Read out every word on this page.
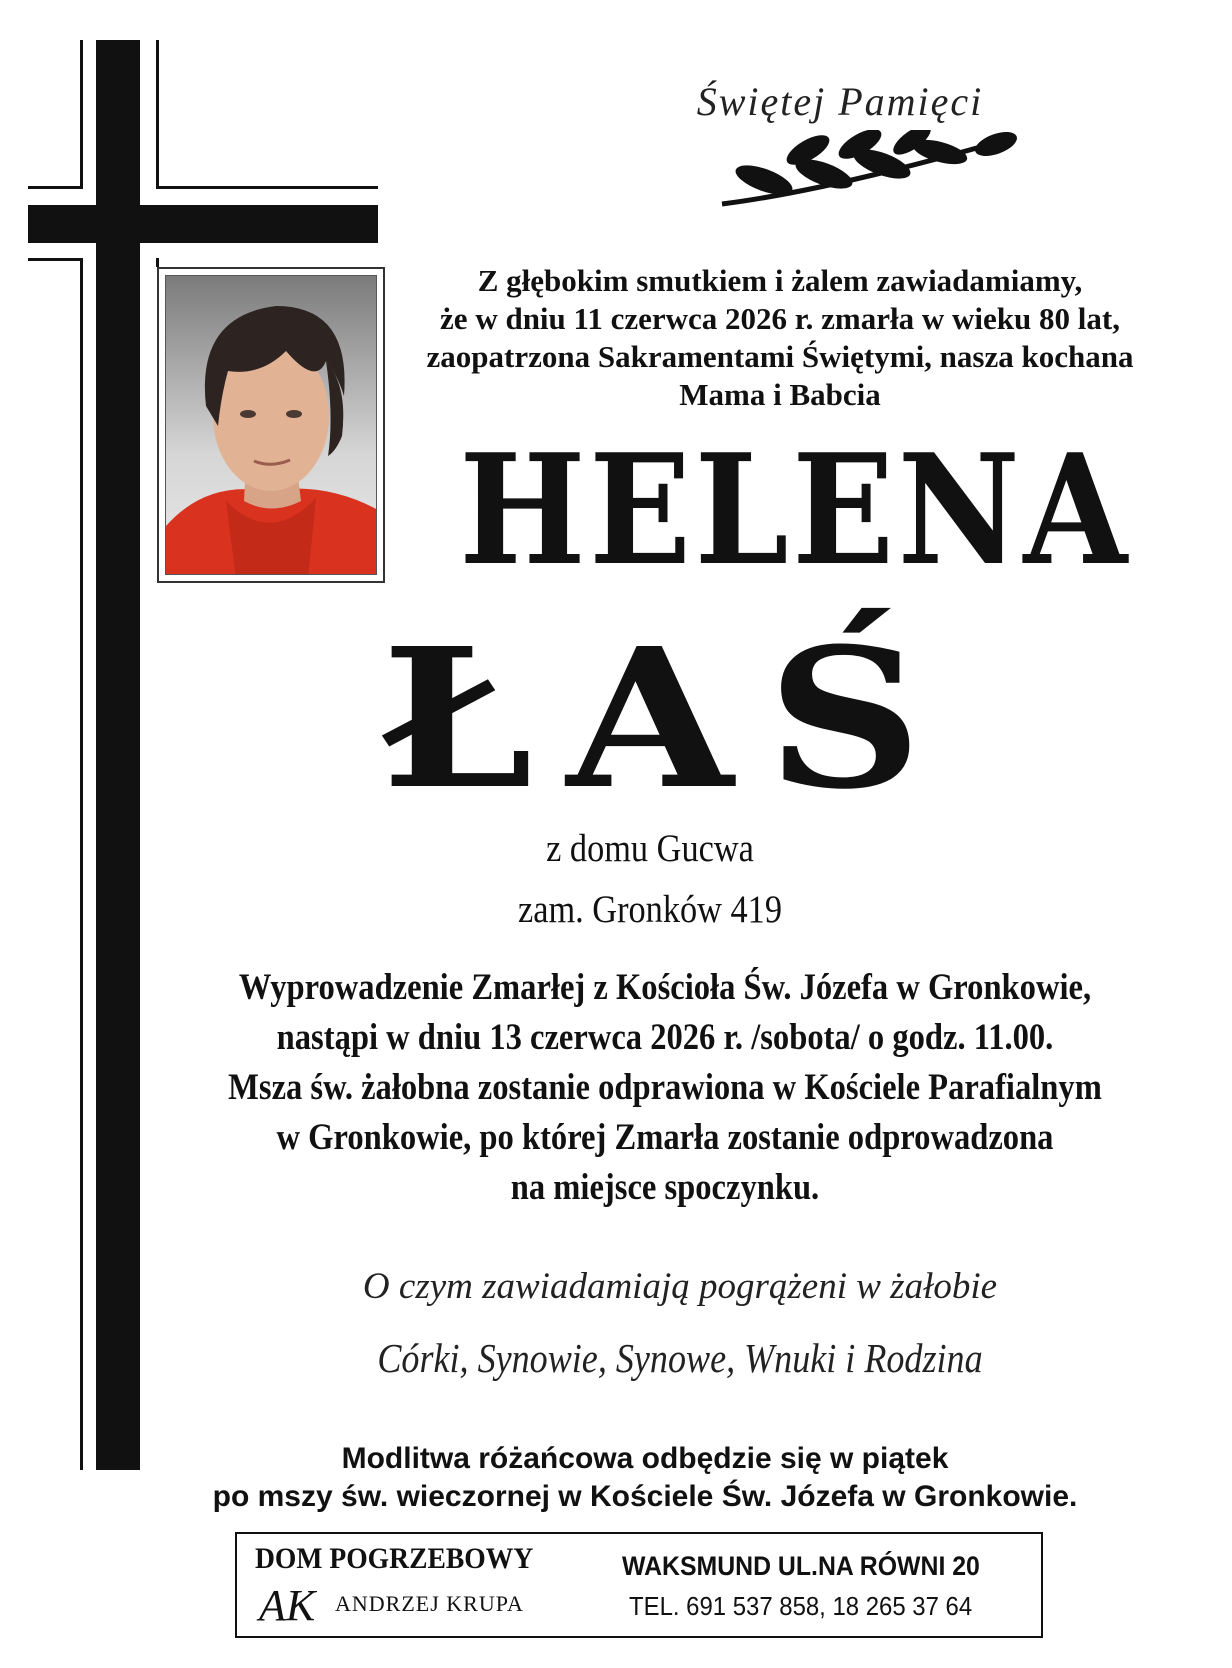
Świętej Pamięci
Z głębokim smutkiem i żalem zawiadamiamy,
że w dniu 11 czerwca 2026 r. zmarła w wieku 80 lat,
zaopatrzona Sakramentami Świętymi, nasza kochana
Mama i Babcia
HELENA
ŁAŚ
z domu Gucwa
zam. Gronków 419
Wyprowadzenie Zmarłej z Kościoła Św. Józefa w Gronkowie,
nastąpi w dniu 13 czerwca 2026 r. /sobota/ o godz. 11.00.
Msza św. żałobna zostanie odprawiona w Kościele Parafialnym
w Gronkowie, po której Zmarła zostanie odprowadzona
na miejsce spoczynku.
O czym zawiadamiają pogrążeni w żałobie
Córki, Synowie, Synowe, Wnuki i Rodzina
Modlitwa różańcowa odbędzie się w piątek
po mszy św. wieczornej w Kościele Św. Józefa w Gronkowie.
DOM POGRZEBOWY
AK ANDRZEJ KRUPA
WAKSMUND UL.NA RÓWNI 20
TEL. 691 537 858, 18 265 37 64
